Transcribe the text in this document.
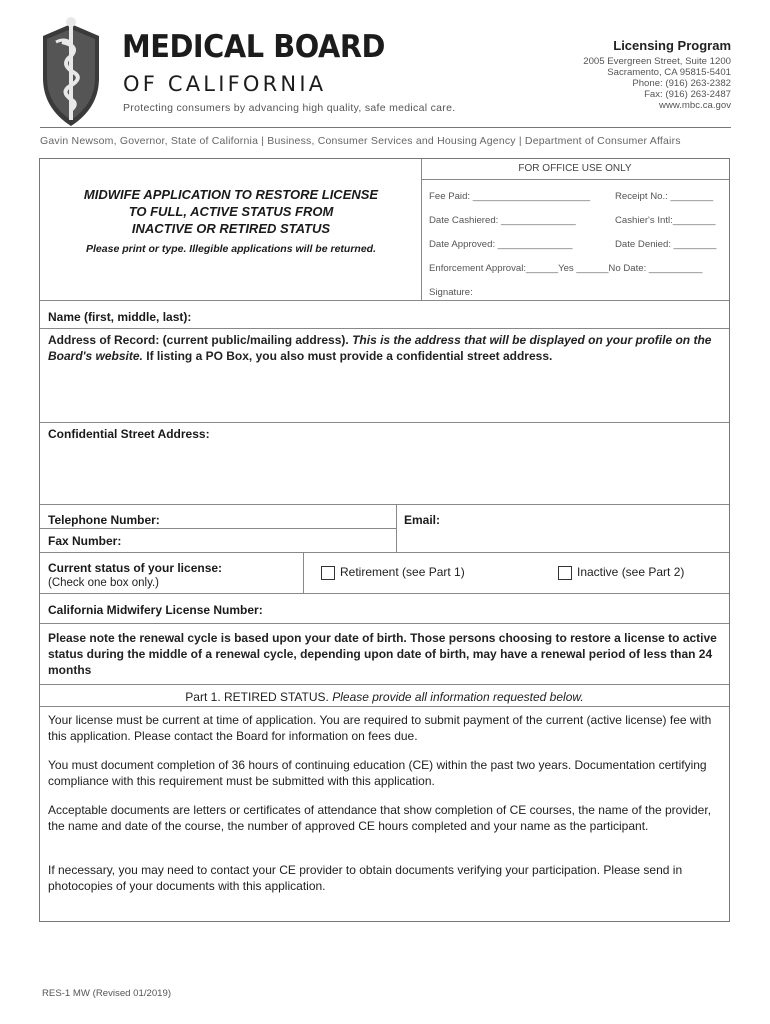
MEDICAL BOARD
OF CALIFORNIA
Protecting consumers by advancing high quality, safe medical care.
Licensing Program
2005 Evergreen Street, Suite 1200
Sacramento, CA 95815-5401
Phone: (916) 263-2382
Fax: (916) 263-2487
www.mbc.ca.gov
Gavin Newsom, Governor, State of California | Business, Consumer Services and Housing Agency | Department of Consumer Affairs
MIDWIFE APPLICATION TO RESTORE LICENSE
TO FULL, ACTIVE STATUS FROM
INACTIVE OR RETIRED STATUS
Please print or type. Illegible applications will be returned.
FOR OFFICE USE ONLY
Fee Paid: ______________________	Receipt No.: ________
Date Cashiered: ______________	Cashier's Intl:________
Date Approved: ______________	Date Denied: ________
Enforcement Approval:______Yes ______No Date: __________
Signature:
Name (first, middle, last):
Address of Record: (current public/mailing address). This is the address that will be displayed on your profile on the Board's website. If listing a PO Box, you also must provide a confidential street address.
Confidential Street Address:
Telephone Number:	Email:
Fax Number:
Current status of your license:
(Check one box only.)
Retirement (see Part 1)	Inactive (see Part 2)
California Midwifery License Number:
Please note the renewal cycle is based upon your date of birth. Those persons choosing to restore a license to active status during the middle of a renewal cycle, depending upon date of birth, may have a renewal period of less than 24 months
Part 1. RETIRED STATUS. Please provide all information requested below.
Your license must be current at time of application. You are required to submit payment of the current (active license) fee with this application. Please contact the Board for information on fees due.
You must document completion of 36 hours of continuing education (CE) within the past two years. Documentation certifying compliance with this requirement must be submitted with this application.
Acceptable documents are letters or certificates of attendance that show completion of CE courses, the name of the provider, the name and date of the course, the number of approved CE hours completed and your name as the participant.
If necessary, you may need to contact your CE provider to obtain documents verifying your participation. Please send in photocopies of your documents with this application.
RES-1 MW (Revised 01/2019)
